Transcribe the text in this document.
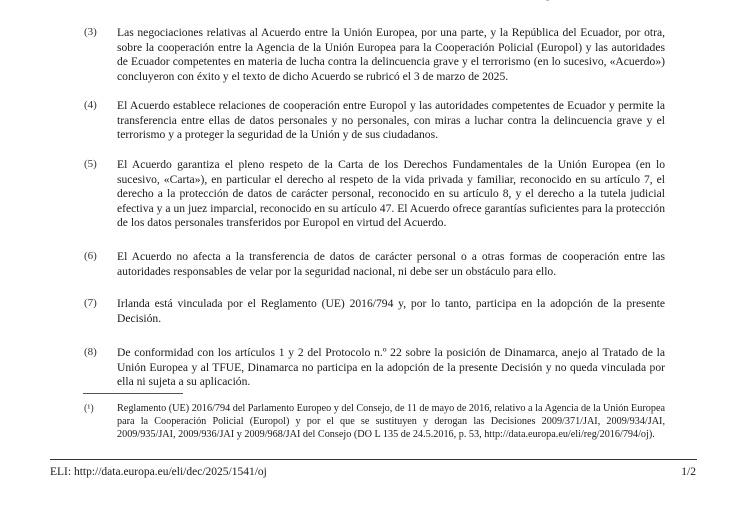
(3) Las negociaciones relativas al Acuerdo entre la Unión Europea, por una parte, y la República del Ecuador, por otra, sobre la cooperación entre la Agencia de la Unión Europea para la Cooperación Policial (Europol) y las autoridades de Ecuador competentes en materia de lucha contra la delincuencia grave y el terrorismo (en lo sucesivo, «Acuerdo») concluyeron con éxito y el texto de dicho Acuerdo se rubricó el 3 de marzo de 2025.
(4) El Acuerdo establece relaciones de cooperación entre Europol y las autoridades competentes de Ecuador y permite la transferencia entre ellas de datos personales y no personales, con miras a luchar contra la delincuencia grave y el terrorismo y a proteger la seguridad de la Unión y de sus ciudadanos.
(5) El Acuerdo garantiza el pleno respeto de la Carta de los Derechos Fundamentales de la Unión Europea (en lo sucesivo, «Carta»), en particular el derecho al respeto de la vida privada y familiar, reconocido en su artículo 7, el derecho a la protección de datos de carácter personal, reconocido en su artículo 8, y el derecho a la tutela judicial efectiva y a un juez imparcial, reconocido en su artículo 47. El Acuerdo ofrece garantías suficientes para la protección de los datos personales transferidos por Europol en virtud del Acuerdo.
(6) El Acuerdo no afecta a la transferencia de datos de carácter personal o a otras formas de cooperación entre las autoridades responsables de velar por la seguridad nacional, ni debe ser un obstáculo para ello.
(7) Irlanda está vinculada por el Reglamento (UE) 2016/794 y, por lo tanto, participa en la adopción de la presente Decisión.
(8) De conformidad con los artículos 1 y 2 del Protocolo n.º 22 sobre la posición de Dinamarca, anejo al Tratado de la Unión Europea y al TFUE, Dinamarca no participa en la adopción de la presente Decisión y no queda vinculada por ella ni sujeta a su aplicación.
(¹) Reglamento (UE) 2016/794 del Parlamento Europeo y del Consejo, de 11 de mayo de 2016, relativo a la Agencia de la Unión Europea para la Cooperación Policial (Europol) y por el que se sustituyen y derogan las Decisiones 2009/371/JAI, 2009/934/JAI, 2009/935/JAI, 2009/936/JAI y 2009/968/JAI del Consejo (DO L 135 de 24.5.2016, p. 53, http://data.europa.eu/eli/reg/2016/794/oj).
ELI: http://data.europa.eu/eli/dec/2025/1541/oj	1/2
